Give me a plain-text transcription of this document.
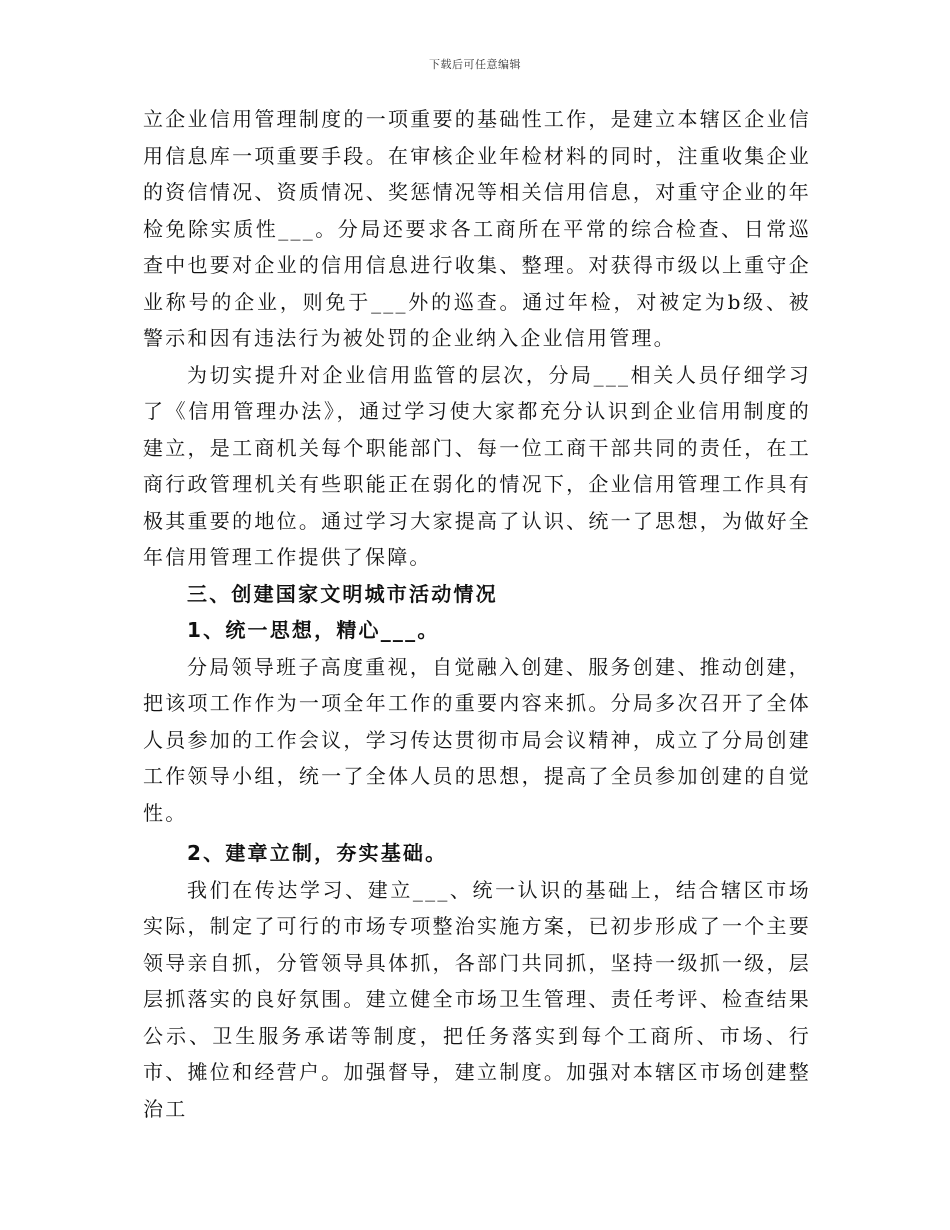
下载后可任意编辑

立企业信用管理制度的一项重要的基础性工作，是建立本辖区企业信用信息库一项重要手段。在审核企业年检材料的同时，注重收集企业的资信情况、资质情况、奖惩情况等相关信用信息，对重守企业的年检免除实质性___。分局还要求各工商所在平常的综合检查、日常巡查中也要对企业的信用信息进行收集、整理。对获得市级以上重守企业称号的企业，则免于___外的巡查。通过年检，对被定为b级、被警示和因有违法行为被处罚的企业纳入企业信用管理。

为切实提升对企业信用监管的层次，分局___相关人员仔细学习了《信用管理办法》，通过学习使大家都充分认识到企业信用制度的建立，是工商机关每个职能部门、每一位工商干部共同的责任，在工商行政管理机关有些职能正在弱化的情况下，企业信用管理工作具有极其重要的地位。通过学习大家提高了认识、统一了思想，为做好全年信用管理工作提供了保障。

三、创建国家文明城市活动情况

1、统一思想，精心___。

分局领导班子高度重视，自觉融入创建、服务创建、推动创建，把该项工作作为一项全年工作的重要内容来抓。分局多次召开了全体人员参加的工作会议，学习传达贯彻市局会议精神，成立了分局创建工作领导小组，统一了全体人员的思想，提高了全员参加创建的自觉性。

2、建章立制，夯实基础。

我们在传达学习、建立___、统一认识的基础上，结合辖区市场实际，制定了可行的市场专项整治实施方案，已初步形成了一个主要领导亲自抓，分管领导具体抓，各部门共同抓，坚持一级抓一级，层层抓落实的良好氛围。建立健全市场卫生管理、责任考评、检查结果公示、卫生服务承诺等制度，把任务落实到每个工商所、市场、行市、摊位和经营户。加强督导，建立制度。加强对本辖区市场创建整治工
